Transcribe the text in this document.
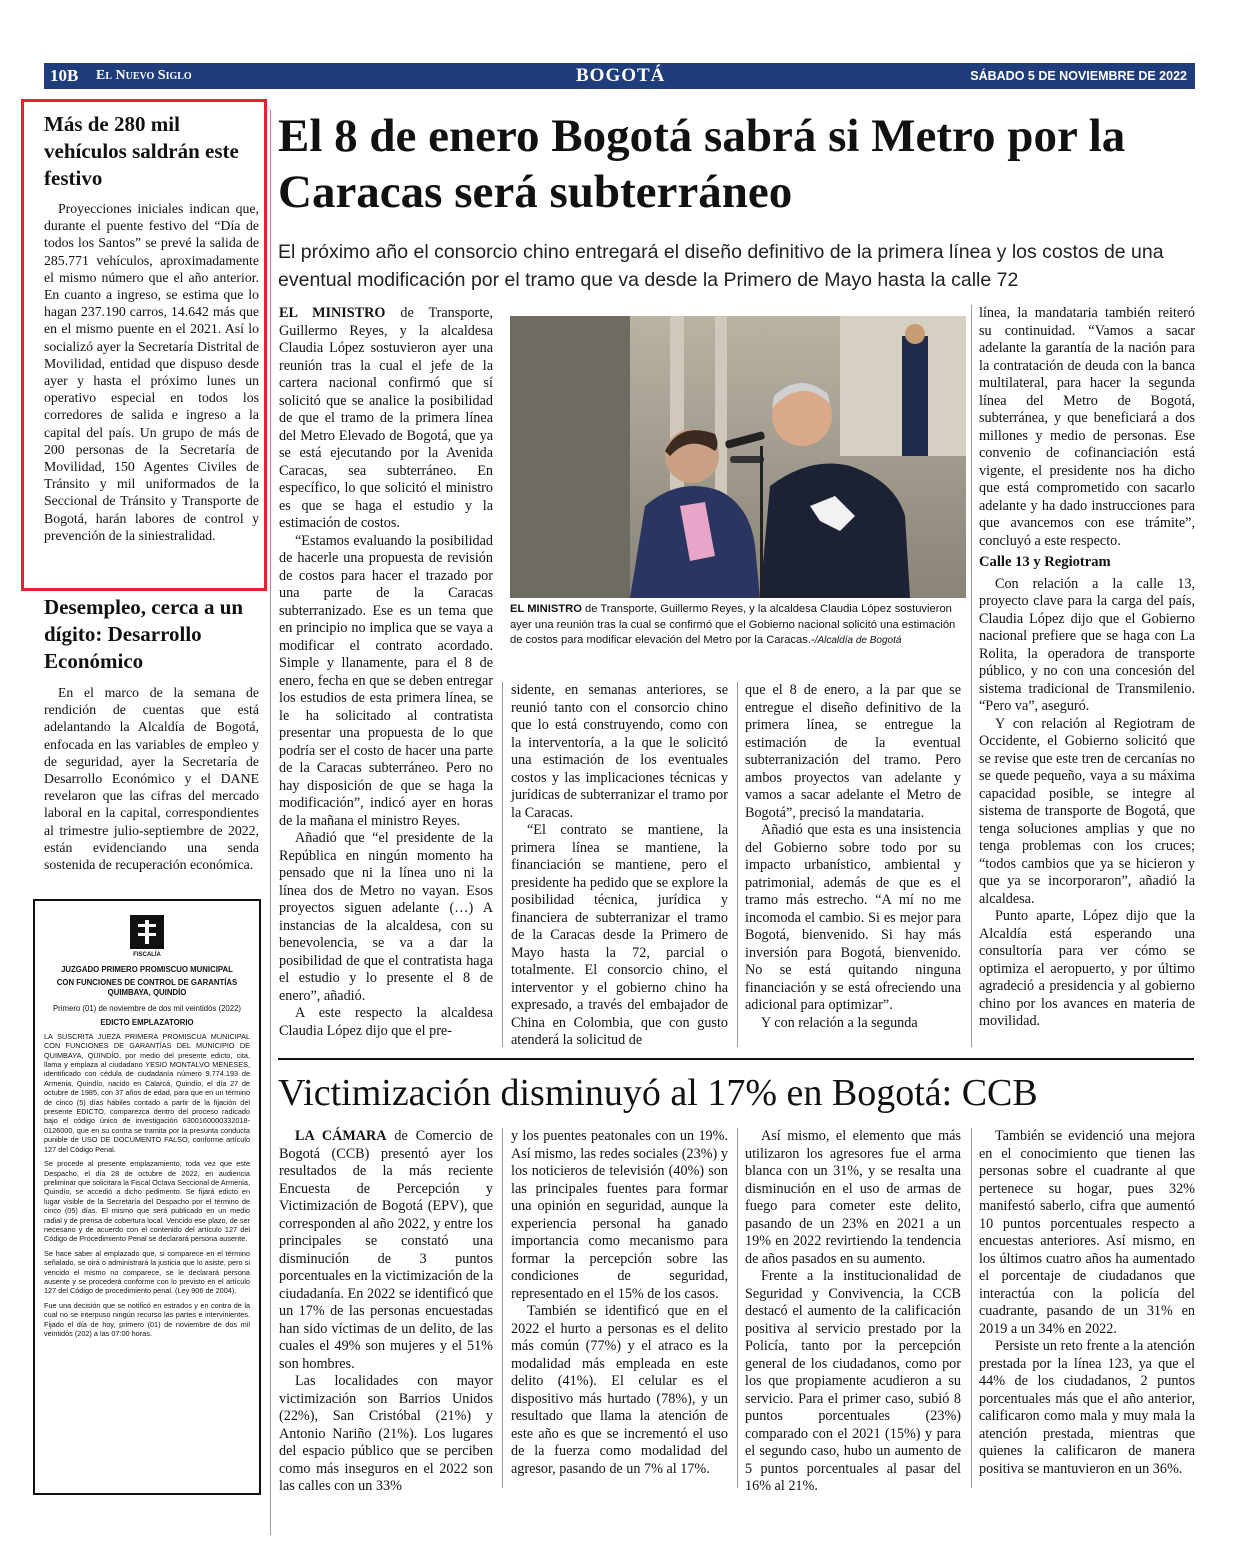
10B El Nuevo Siglo	BOGOTÁ	SÁBADO 5 DE NOVIEMBRE DE 2022
Más de 280 mil vehículos saldrán este festivo

Proyecciones iniciales indican que, durante el puente festivo del “Día de todos los Santos” se prevé la salida de 285.771 vehículos, aproximadamente el mismo número que el año anterior. En cuanto a ingreso, se estima que lo hagan 237.190 carros, 14.642 más que en el mismo puente en el 2021. Así lo socializó ayer la Secretaría Distrital de Movilidad, entidad que dispuso desde ayer y hasta el próximo lunes un operativo especial en todos los corredores de salida e ingreso a la capital del país. Un grupo de más de 200 personas de la Secretaría de Movilidad, 150 Agentes Civiles de Tránsito y mil uniformados de la Seccional de Tránsito y Transporte de Bogotá, harán labores de control y prevención de la siniestralidad.

Desempleo, cerca a un dígito: Desarrollo Económico

En el marco de la semana de rendición de cuentas que está adelantando la Alcaldía de Bogotá, enfocada en las variables de empleo y de seguridad, ayer la Secretaría de Desarrollo Económico y el DANE revelaron que las cifras del mercado laboral en la capital, correspondientes al trimestre julio-septiembre de 2022, están evidenciando una senda sostenida de recuperación económica.

FISCALÍA
JUZGADO PRIMERO PROMISCUO MUNICIPAL
CON FUNCIONES DE CONTROL DE GARANTÍAS
QUIMBAYA, QUINDÍO
Primero (01) de noviembre de dos mil veintidós (2022)
EDICTO EMPLAZATORIO

LA SUSCRITA JUEZA PRIMERA PROMISCUA MUNICIPAL CON FUNCIONES DE GARANTÍAS DEL MUNICIPIO DE QUIMBAYA, QUINDÍO, por medio del presente edicto, cita, llama y emplaza al ciudadano YESID MONTALVO MENESES, identificado con cédula de ciudadanía número 9.774.193 de Armenia, Quindío, nacido en Calarcá, Quindío, el día 27 de octubre de 1985, con 37 años de edad, para que en un término de cinco (5) días hábiles contado a partir de la fijación del presente EDICTO, comparezca dentro del proceso radicado bajo el código único de investigación 630016000033201​8-0126000, que en su contra se tramita por la presunta conducta punible de USO DE DOCUMENTO FALSO, conforme artículo 127 del Código Penal.

Se procede al presente emplazamiento, toda vez que este Despacho, el día 28 de octubre de 2022, en audiencia preliminar que solicitara la Fiscal Octava Seccional de Armenia, Quindío, se accedió a dicho pedimento. Se fijará edicto en lugar visible de la Secretaría del Despacho por el término de cinco (05) días. El mismo que será publicado en un medio radial y de prensa de cobertura local. Vencido ese plazo, de ser necesario y de acuerdo con el contenido del artículo 127 del Código de Procedimiento Penal se declarará persona ausente.

Se hace saber al emplazado que, si comparece en el término señalado, se oirá o administrará la justicia que lo asiste, pero si vencido el mismo no comparece, se le declarará persona ausente y se procederá conforme con lo previsto en el artículo 127 del Código de procedimiento penal. (Ley 906 de 2004).

Fue una decisión que se notificó en estrados y en contra de la cual no se interpuso ningún recurso las partes e intervinientes. Fijado el día de hoy, primero (01) de noviembre de dos mil veintidós (202) a las 07:00 horas.

El 8 de enero Bogotá sabrá si Metro por la Caracas será subterráneo
El próximo año el consorcio chino entregará el diseño definitivo de la primera línea y los costos de una eventual modificación por el tramo que va desde la Primero de Mayo hasta la calle 72

EL MINISTRO de Transporte, Guillermo Reyes, y la alcaldesa Claudia López sostuvieron ayer una reunión tras la cual el jefe de la cartera nacional confirmó que sí solicitó que se analice la posibilidad de que el tramo de la primera línea del Metro Elevado de Bogotá, que ya se está ejecutando por la Avenida Caracas, sea subterráneo. En específico, lo que solicitó el ministro es que se haga el estudio y la estimación de costos.

“Estamos evaluando la posibilidad de hacerle una propuesta de revisión de costos para hacer el trazado por una parte de la Caracas subterranizado. Ese es un tema que en principio no implica que se vaya a modificar el contrato acordado. Simple y llanamente, para el 8 de enero, fecha en que se deben entregar los estudios de esta primera línea, se le ha solicitado al contratista presentar una propuesta de lo que podría ser el costo de hacer una parte de la Caracas subterráneo. Pero no hay disposición de que se haga la modificación”, indicó ayer en horas de la mañana el ministro Reyes.

Añadió que “el presidente de la República en ningún momento ha pensado que ni la línea uno ni la línea dos de Metro no vayan. Esos proyectos siguen adelante (…) A instancias de la alcaldesa, con su benevolencia, se va a dar la posibilidad de que el contratista haga el estudio y lo presente el 8 de enero”, añadió.

A este respecto la alcaldesa Claudia López dijo que el pre-

EL MINISTRO de Transporte, Guillermo Reyes, y la alcaldesa Claudia López sostuvieron ayer una reunión tras la cual se confirmó que el Gobierno nacional solicitó una estimación de costos para modificar elevación del Metro por la Caracas.-/Alcaldía de Bogotá

sidente, en semanas anteriores, se reunió tanto con el consorcio chino que lo está construyendo, como con la interventoría, a la que le solicitó una estimación de los eventuales costos y las implicaciones técnicas y jurídicas de subterranizar el tramo por la Caracas.

“El contrato se mantiene, la primera línea se mantiene, la financiación se mantiene, pero el presidente ha pedido que se explore la posibilidad técnica, jurídica y financiera de subterranizar el tramo de la Caracas desde la Primero de Mayo hasta la 72, parcial o totalmente. El consorcio chino, el interventor y el gobierno chino ha expresado, a través del embajador de China en Colombia, que con gusto atenderá la solicitud de

que el 8 de enero, a la par que se entregue el diseño definitivo de la primera línea, se entregue la estimación de la eventual subterranización del tramo. Pero ambos proyectos van adelante y vamos a sacar adelante el Metro de Bogotá”, precisó la mandataria.

Añadió que esta es una insistencia del Gobierno sobre todo por su impacto urbanístico, ambiental y patrimonial, además de que es el tramo más estrecho. “A mí no me incomoda el cambio. Si es mejor para Bogotá, bienvenido. Si hay más inversión para Bogotá, bienvenido. No se está quitando ninguna financiación y se está ofreciendo una adicional para optimizar”.

Y con relación a la segunda

línea, la mandataria también reiteró su continuidad. “Vamos a sacar adelante la garantía de la nación para la contratación de deuda con la banca multilateral, para hacer la segunda línea del Metro de Bogotá, subterránea, y que beneficiará a dos millones y medio de personas. Ese convenio de cofinanciación está vigente, el presidente nos ha dicho que está comprometido con sacarlo adelante y ha dado instrucciones para que avancemos con ese trámite”, concluyó a este respecto.

Calle 13 y Regiotram

Con relación a la calle 13, proyecto clave para la carga del país, Claudia López dijo que el Gobierno nacional prefiere que se haga con La Rolita, la operadora de transporte público, y no con una concesión del sistema tradicional de Transmilenio. “Pero va”, aseguró.

Y con relación al Regiotram de Occidente, el Gobierno solicitó que se revise que este tren de cercanías no se quede pequeño, vaya a su máxima capacidad posible, se integre al sistema de transporte de Bogotá, que tenga soluciones amplias y que no tenga problemas con los cruces; “todos cambios que ya se hicieron y que ya se incorporaron”, añadió la alcaldesa.

Punto aparte, López dijo que la Alcaldía está esperando una consultoría para ver cómo se optimiza el aeropuerto, y por último agradeció a presidencia y al gobierno chino por los avances en materia de movilidad.

Victimización disminuyó al 17% en Bogotá: CCB

LA CÁMARA de Comercio de Bogotá (CCB) presentó ayer los resultados de la más reciente Encuesta de Percepción y Victimización de Bogotá (EPV), que corresponden al año 2022, y entre los principales se constató una disminución de 3 puntos porcentuales en la victimización de la ciudadanía. En 2022 se identificó que un 17% de las personas encuestadas han sido víctimas de un delito, de las cuales el 49% son mujeres y el 51% son hombres.

Las localidades con mayor victimización son Barrios Unidos (22%), San Cristóbal (21%) y Antonio Nariño (21%). Los lugares del espacio público que se perciben como más inseguros en el 2022 son las calles con un 33%

y los puentes peatonales con un 19%. Así mismo, las redes sociales (23%) y los noticieros de televisión (40%) son las principales fuentes para formar una opinión en seguridad, aunque la experiencia personal ha ganado importancia como mecanismo para formar la percepción sobre las condiciones de seguridad, representado en el 15% de los casos.

También se identificó que en el 2022 el hurto a personas es el delito más común (77%) y el atraco es la modalidad más empleada en este delito (41%). El celular es el dispositivo más hurtado (78%), y un resultado que llama la atención de este año es que se incrementó el uso de la fuerza como modalidad del agresor, pasando de un 7% al 17%.

Así mismo, el elemento que más utilizaron los agresores fue el arma blanca con un 31%, y se resalta una disminución en el uso de armas de fuego para cometer este delito, pasando de un 23% en 2021 a un 19% en 2022 revirtiendo la tendencia de años pasados en su aumento.

Frente a la institucionalidad de Seguridad y Convivencia, la CCB destacó el aumento de la calificación positiva al servicio prestado por la Policía, tanto por la percepción general de los ciudadanos, como por los que propiamente acudieron a su servicio. Para el primer caso, subió 8 puntos porcentuales (23%) comparado con el 2021 (15%) y para el segundo caso, hubo un aumento de 5 puntos porcentuales al pasar del 16% al 21%.

También se evidenció una mejora en el conocimiento que tienen las personas sobre el cuadrante al que pertenece su hogar, pues 32% manifestó saberlo, cifra que aumentó 10 puntos porcentuales respecto a encuestas anteriores. Así mismo, en los últimos cuatro años ha aumentado el porcentaje de ciudadanos que interactúa con la policía del cuadrante, pasando de un 31% en 2019 a un 34% en 2022.

Persiste un reto frente a la atención prestada por la línea 123, ya que el 44% de los ciudadanos, 2 puntos porcentuales más que el año anterior, calificaron como mala y muy mala la atención prestada, mientras que quienes la calificaron de manera positiva se mantuvieron en un 36%.
